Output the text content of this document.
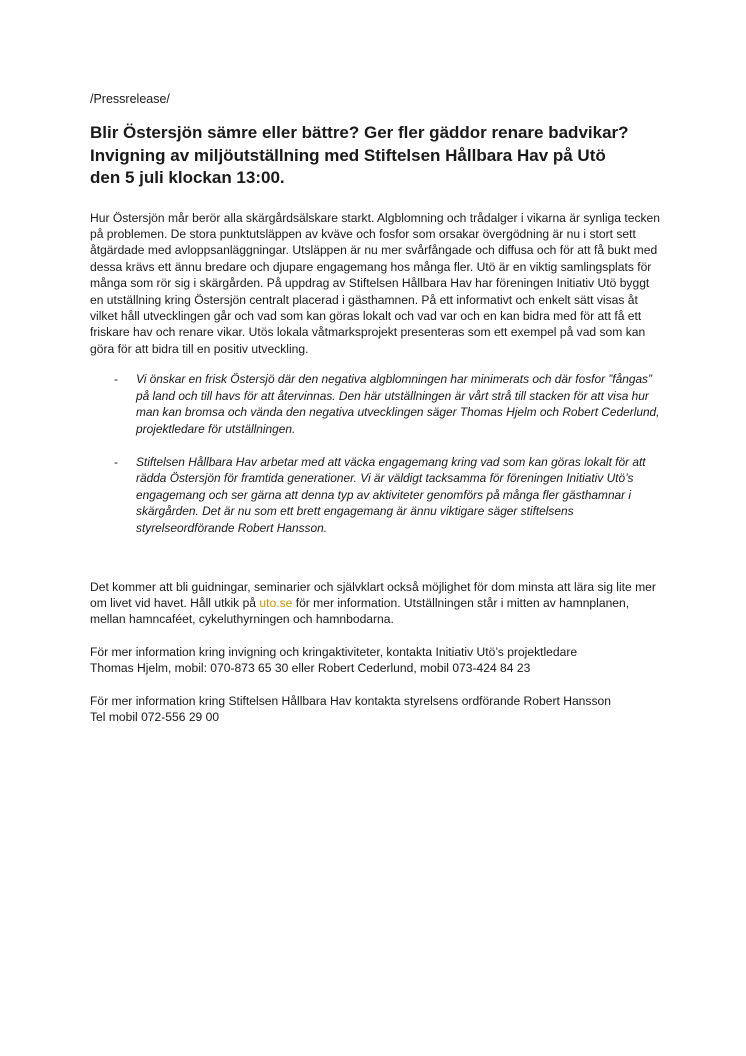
/Pressrelease/

Blir Östersjön sämre eller bättre? Ger fler gäddor renare badvikar?
Invigning av miljöutställning med Stiftelsen Hållbara Hav på Utö
den 5 juli klockan 13:00.

Hur Östersjön mår berör alla skärgårdsälskare starkt. Algblomning och trådalger i vikarna är synliga tecken på problemen. De stora punktutsläppen av kväve och fosfor som orsakar övergödning är nu i stort sett åtgärdade med avloppsanläggningar. Utsläppen är nu mer svårfångade och diffusa och för att få bukt med dessa krävs ett ännu bredare och djupare engagemang hos många fler. Utö är en viktig samlingsplats för många som rör sig i skärgården. På uppdrag av Stiftelsen Hållbara Hav har föreningen Initiativ Utö byggt en utställning kring Östersjön centralt placerad i gästhamnen. På ett informativt och enkelt sätt visas åt vilket håll utvecklingen går och vad som kan göras lokalt och vad var och en kan bidra med för att få ett friskare hav och renare vikar. Utös lokala våtmarksprojekt presenteras som ett exempel på vad som kan göra för att bidra till en positiv utveckling.

- Vi önskar en frisk Östersjö där den negativa algblomningen har minimerats och där fosfor ”fångas” på land och till havs för att återvinnas. Den här utställningen är vårt strå till stacken för att visa hur man kan bromsa och vända den negativa utvecklingen säger Thomas Hjelm och Robert Cederlund, projektledare för utställningen.
- Stiftelsen Hållbara Hav arbetar med att väcka engagemang kring vad som kan göras lokalt för att rädda Östersjön för framtida generationer. Vi är väldigt tacksamma för föreningen Initiativ Utö’s engagemang och ser gärna att denna typ av aktiviteter genomförs på många fler gästhamnar i skärgården. Det är nu som ett brett engagemang är ännu viktigare säger stiftelsens styrelseordförande Robert Hansson.

Det kommer att bli guidningar, seminarier och självklart också möjlighet för dom minsta att lära sig lite mer om livet vid havet. Håll utkik på uto.se för mer information. Utställningen står i mitten av hamnplanen, mellan hamncaféet, cykeluthyrningen och hamnbodarna.

För mer information kring invigning och kringaktiviteter, kontakta Initiativ Utö’s projektledare
Thomas Hjelm, mobil: 070-873 65 30 eller Robert Cederlund, mobil 073-424 84 23

För mer information kring Stiftelsen Hållbara Hav kontakta styrelsens ordförande Robert Hansson
Tel mobil 072-556 29 00
